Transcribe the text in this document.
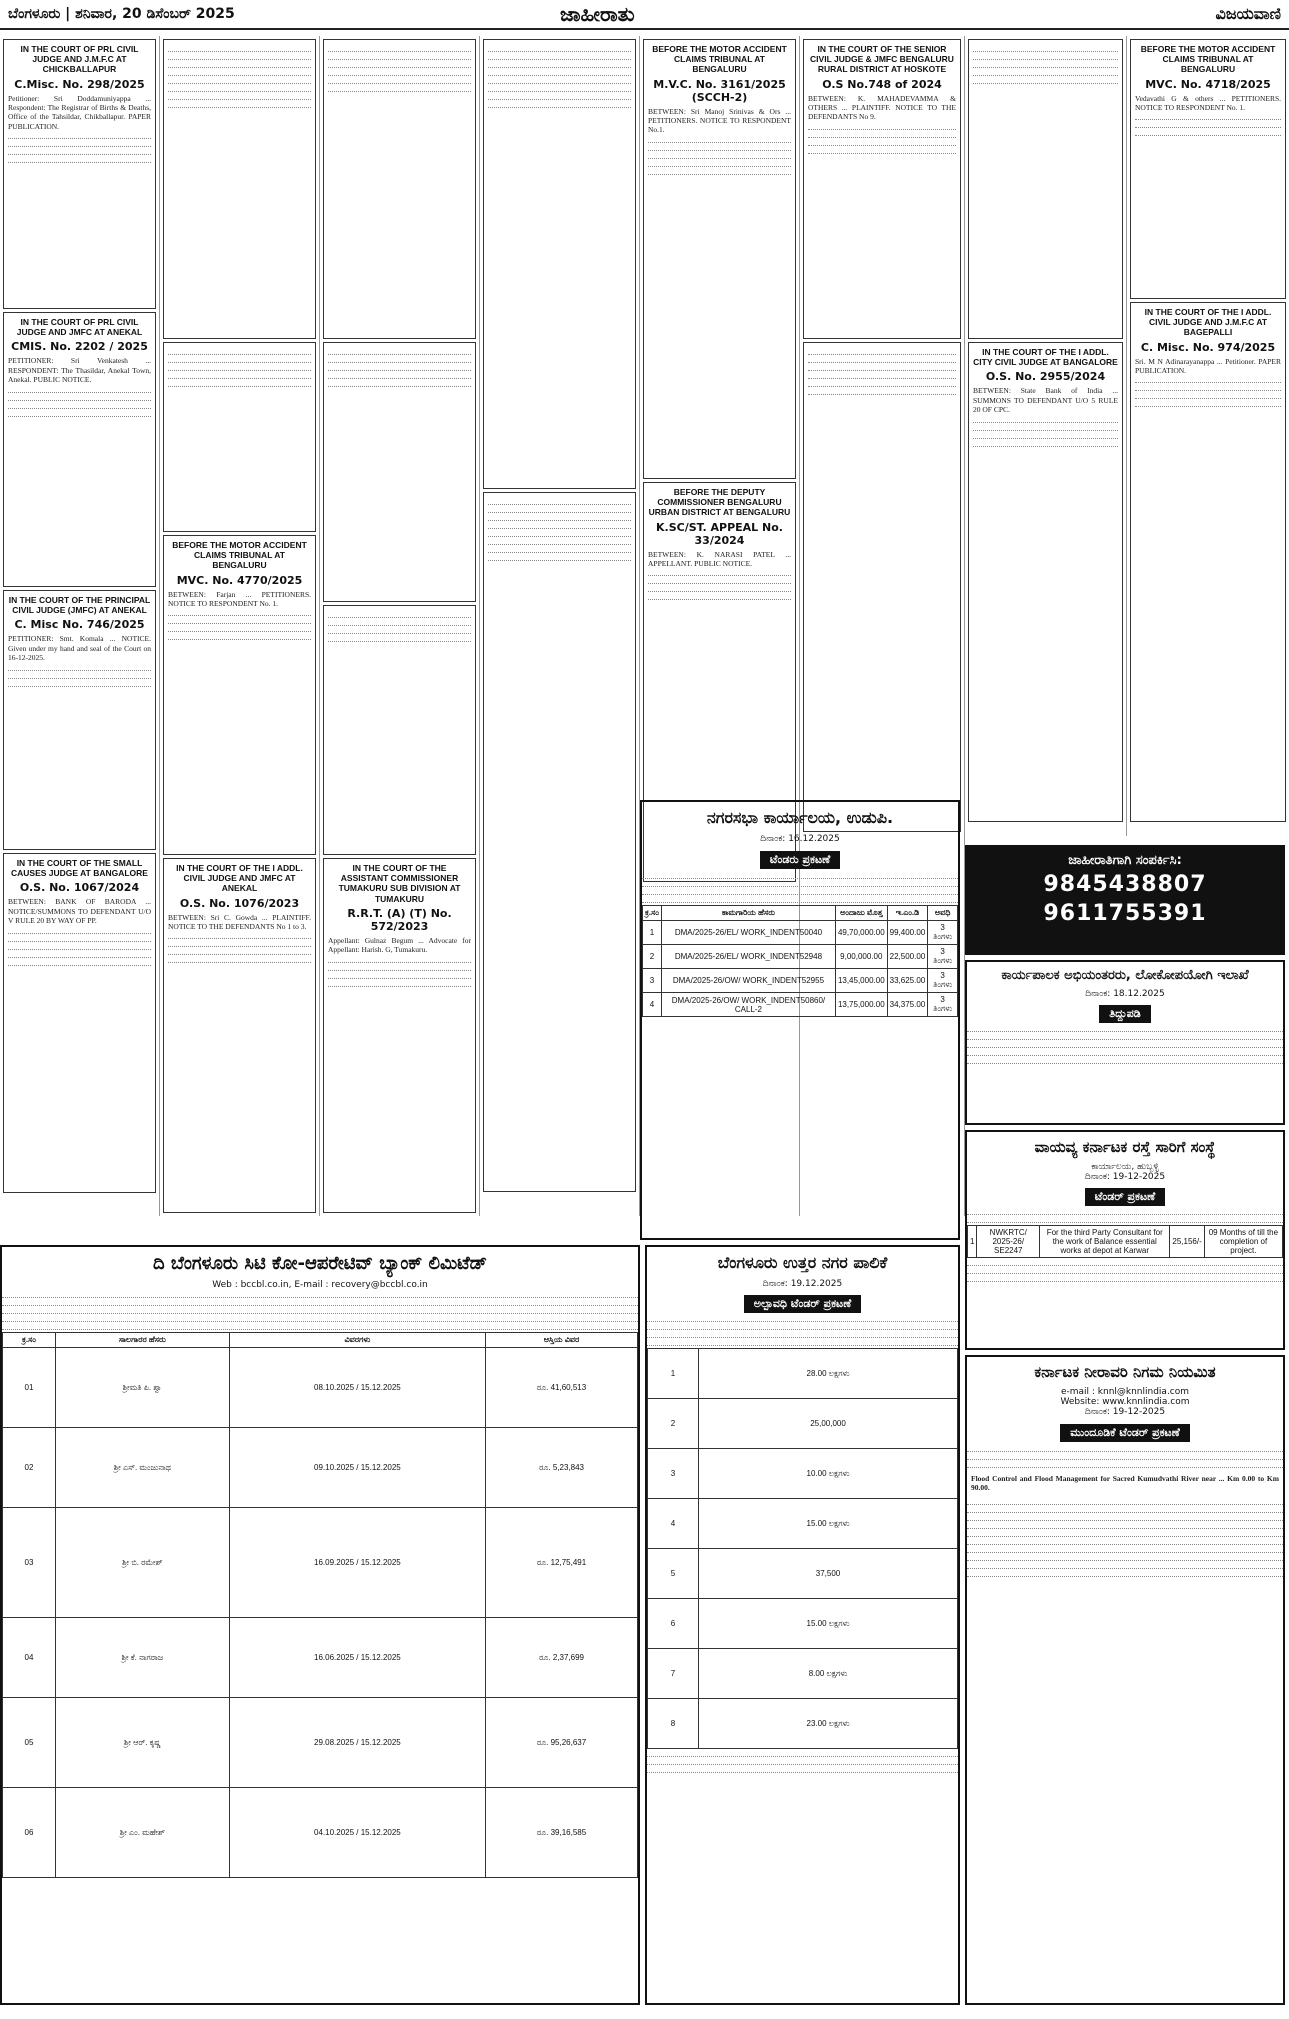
ಬೆಂಗಳೂರು | ಶನಿವಾರ, 20 ಡಿಸೆಂಬರ್ 2025	ಜಾಹೀರಾತು	ವಿಜಯವಾಣಿ
IN THE COURT OF PRL CIVIL JUDGE AND J.M.F.C AT CHICKBALLAPUR
C.Misc. No. 298/2025
Petitioner: Sri Doddamuniyappa ... Respondent: The Registrar of Births & Deaths, Office of the Tahsildar, Chikballapur. PAPER PUBLICATION.
IN THE COURT OF PRL CIVIL JUDGE AND JMFC AT ANEKAL
CMIS. No. 2202 / 2025
PETITIONER: Sri Venkatesh ... RESPONDENT: The Thasildar, Anekal Town, Anekal. PUBLIC NOTICE.
IN THE COURT OF THE PRINCIPAL CIVIL JUDGE (JMFC) AT ANEKAL
C. Misc No. 746/2025
PETITIONER: Smt. Komala ... NOTICE. Given under my hand and seal of the Court on 16-12-2025.
IN THE COURT OF THE SMALL CAUSES JUDGE AT BANGALORE
O.S. No. 1067/2024
BETWEEN: BANK OF BARODA ... NOTICE/SUMMONS TO DEFENDANT U/O V RULE 20 BY WAY OF PP.
BEFORE THE MOTOR ACCIDENT CLAIMS TRIBUNAL AT BENGALURU
MVC. No. 4770/2025
BETWEEN: Farjan ... PETITIONERS. NOTICE TO RESPONDENT No. 1.
IN THE COURT OF THE I ADDL. CIVIL JUDGE AND JMFC AT ANEKAL
O.S. No. 1076/2023
BETWEEN: Sri C. Gowda ... PLAINTIFF. NOTICE TO THE DEFENDANTS No 1 to 3.
IN THE COURT OF THE ASSISTANT COMMISSIONER TUMAKURU SUB DIVISION AT TUMAKURU
R.R.T. (A) (T) No. 572/2023
Appellant: Gulnaz Begum ... Advocate for Appellant: Harish. G, Tumakuru.
BEFORE THE MOTOR ACCIDENT CLAIMS TRIBUNAL AT BENGALURU
M.V.C. No. 3161/2025 (SCCH-2)
BETWEEN: Sri Manoj Srinivas & Ors ... PETITIONERS. NOTICE TO RESPONDENT No.1.
BEFORE THE DEPUTY COMMISSIONER BENGALURU URBAN DISTRICT AT BENGALURU
K.SC/ST. APPEAL No. 33/2024
BETWEEN: K. NARASI PATEL ... APPELLANT. PUBLIC NOTICE.
IN THE COURT OF THE SENIOR CIVIL JUDGE & JMFC BENGALURU RURAL DISTRICT AT HOSKOTE
O.S No.748 of 2024
BETWEEN: K. MAHADEVAMMA & OTHERS ... PLAINTIFF. NOTICE TO THE DEFENDANTS No 9.
IN THE COURT OF THE I ADDL. CITY CIVIL JUDGE AT BANGALORE
O.S. No. 2955/2024
BETWEEN: State Bank of India ... SUMMONS TO DEFENDANT U/O 5 RULE 20 OF CPC.
BEFORE THE MOTOR ACCIDENT CLAIMS TRIBUNAL AT BENGALURU
MVC. No. 4718/2025
Vedavathi G & others ... PETITIONERS. NOTICE TO RESPONDENT No. 1.
IN THE COURT OF THE I ADDL. CIVIL JUDGE AND J.M.F.C AT BAGEPALLI
C. Misc. No. 974/2025
Sri. M N Adinarayanappa ... Petitioner. PAPER PUBLICATION.
ಜಾಹೀರಾತಿಗಾಗಿ ಸಂಪರ್ಕಿಸಿ:
9845438807
9611755391
ನಗರಸಭಾ ಕಾರ್ಯಾಲಯ, ಉಡುಪಿ.
ದಿನಾಂಕ: 16.12.2025
ಟೆಂಡರು ಪ್ರಕಟಣೆ
ಕ್ರ.ಸಂ	ಕಾಮಗಾರಿಯ ಹೆಸರು	ಅಂದಾಜು ಮೊತ್ತ	ಇ.ಎಂ.ಡಿ	ಅವಧಿ
1	DMA/2025-26/EL/ WORK_INDENT50040	49,70,000.00	99,400.00	3 ತಿಂಗಳು
2	DMA/2025-26/EL/ WORK_INDENT52948	9,00,000.00	22,500.00	3 ತಿಂಗಳು
3	DMA/2025-26/OW/ WORK_INDENT52955	13,45,000.00	33,625.00	3 ತಿಂಗಳು
4	DMA/2025-26/OW/ WORK_INDENT50860/ CALL-2	13,75,000.00	34,375.00	3 ತಿಂಗಳು
ಕಾರ್ಯಪಾಲಕ ಅಭಿಯಂತರರು, ಲೋಕೋಪಯೋಗಿ ಇಲಾಖೆ
ದಿನಾಂಕ: 18.12.2025
ತಿದ್ದುಪಡಿ
ವಾಯವ್ಯ ಕರ್ನಾಟಕ ರಸ್ತೆ ಸಾರಿಗೆ ಸಂಸ್ಥೆ
ಕಾರ್ಯಾಲಯ, ಹುಬ್ಬಳ್ಳಿ
ದಿನಾಂಕ: 19-12-2025
ಟೆಂಡರ್ ಪ್ರಕಟಣೆ
1	NWKRTC/ 2025-26/ SE2247	For the third Party Consultant for the work of Balance essential works at depot at Karwar	25,156/-	09 Months of till the completion of project.
ದಿ ಬೆಂಗಳೂರು ಸಿಟಿ ಕೋ-ಆಪರೇಟಿವ್ ಬ್ಯಾಂಕ್ ಲಿಮಿಟೆಡ್
Web : bccbl.co.in, E-mail : recovery@bccbl.co.in
ಕ್ರ.ಸಂ	ಸಾಲಗಾರರ ಹೆಸರು	ವಿವರಗಳು	ಆಸ್ತಿಯ ವಿವರ
01	ಶ್ರೀಮತಿ ಪಿ. ಶ್ವಾ	08.10.2025 / 15.12.2025	ರೂ. 41,60,513
02	ಶ್ರೀ ಎಸ್. ಮಂಜುನಾಥ	09.10.2025 / 15.12.2025	ರೂ. 5,23,843
03	ಶ್ರೀ ಬಿ. ರಮೇಶ್	16.09.2025 / 15.12.2025	ರೂ. 12,75,491
04	ಶ್ರೀ ಕೆ. ನಾಗರಾಜ	16.06.2025 / 15.12.2025	ರೂ. 2,37,699
05	ಶ್ರೀ ಆರ್. ಕೃಷ್ಣ	29.08.2025 / 15.12.2025	ರೂ. 95,26,637
06	ಶ್ರೀ ಎಂ. ಮಹೇಶ್	04.10.2025 / 15.12.2025	ರೂ. 39,16,585
ಬೆಂಗಳೂರು ಉತ್ತರ ನಗರ ಪಾಲಿಕೆ
ದಿನಾಂಕ: 19.12.2025
ಅಲ್ಪಾವಧಿ ಟೆಂಡರ್ ಪ್ರಕಟಣೆ
1	28.00 ಲಕ್ಷಗಳು
2	25,00,000
3	10.00 ಲಕ್ಷಗಳು
4	15.00 ಲಕ್ಷಗಳು
5	37,500
6	15.00 ಲಕ್ಷಗಳು
7	8.00 ಲಕ್ಷಗಳು
8	23.00 ಲಕ್ಷಗಳು
ಕರ್ನಾಟಕ ನೀರಾವರಿ ನಿಗಮ ನಿಯಮಿತ
e-mail : knnl@knnlindia.com
Website: www.knnlindia.com
ದಿನಾಂಕ: 19-12-2025
ಮುಂದೂಡಿಕೆ ಟೆಂಡರ್ ಪ್ರಕಟಣೆ
Flood Control and Flood Management for Sacred Kumudvathi River near ... Km 0.00 to Km 90.00.
